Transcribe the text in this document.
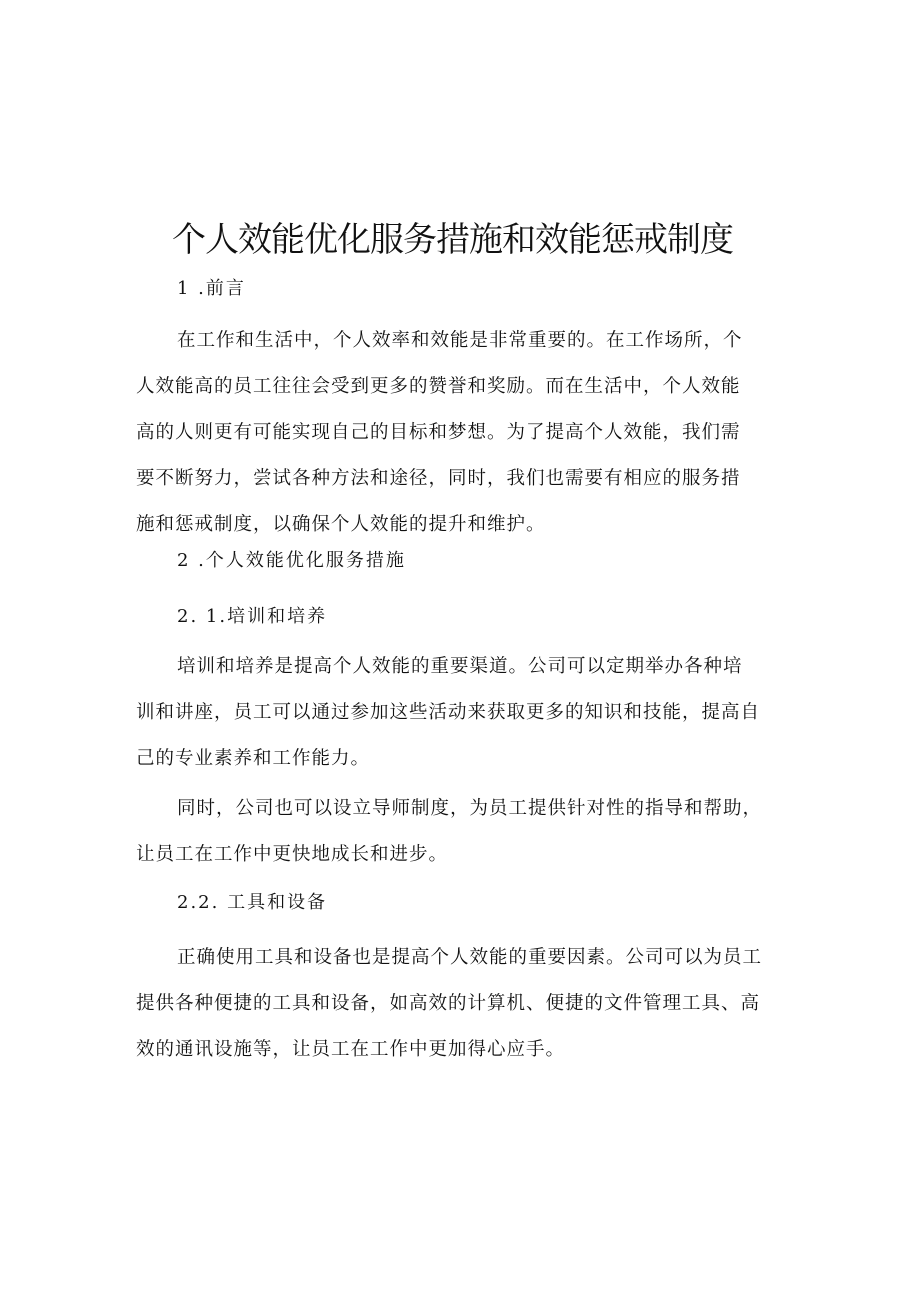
个人效能优化服务措施和效能惩戒制度
1 .前言
在工作和生活中，个人效率和效能是非常重要的。在工作场所，个
人效能高的员工往往会受到更多的赞誉和奖励。而在生活中，个人效能
高的人则更有可能实现自己的目标和梦想。为了提高个人效能，我们需
要不断努力，尝试各种方法和途径，同时，我们也需要有相应的服务措
施和惩戒制度，以确保个人效能的提升和维护。
2 .个人效能优化服务措施
2. 1.培训和培养
培训和培养是提高个人效能的重要渠道。公司可以定期举办各种培
训和讲座，员工可以通过参加这些活动来获取更多的知识和技能，提高自
己的专业素养和工作能力。
同时，公司也可以设立导师制度，为员工提供针对性的指导和帮助，
让员工在工作中更快地成长和进步。
2.2. 工具和设备
正确使用工具和设备也是提高个人效能的重要因素。公司可以为员工
提供各种便捷的工具和设备，如高效的计算机、便捷的文件管理工具、高
效的通讯设施等，让员工在工作中更加得心应手。
